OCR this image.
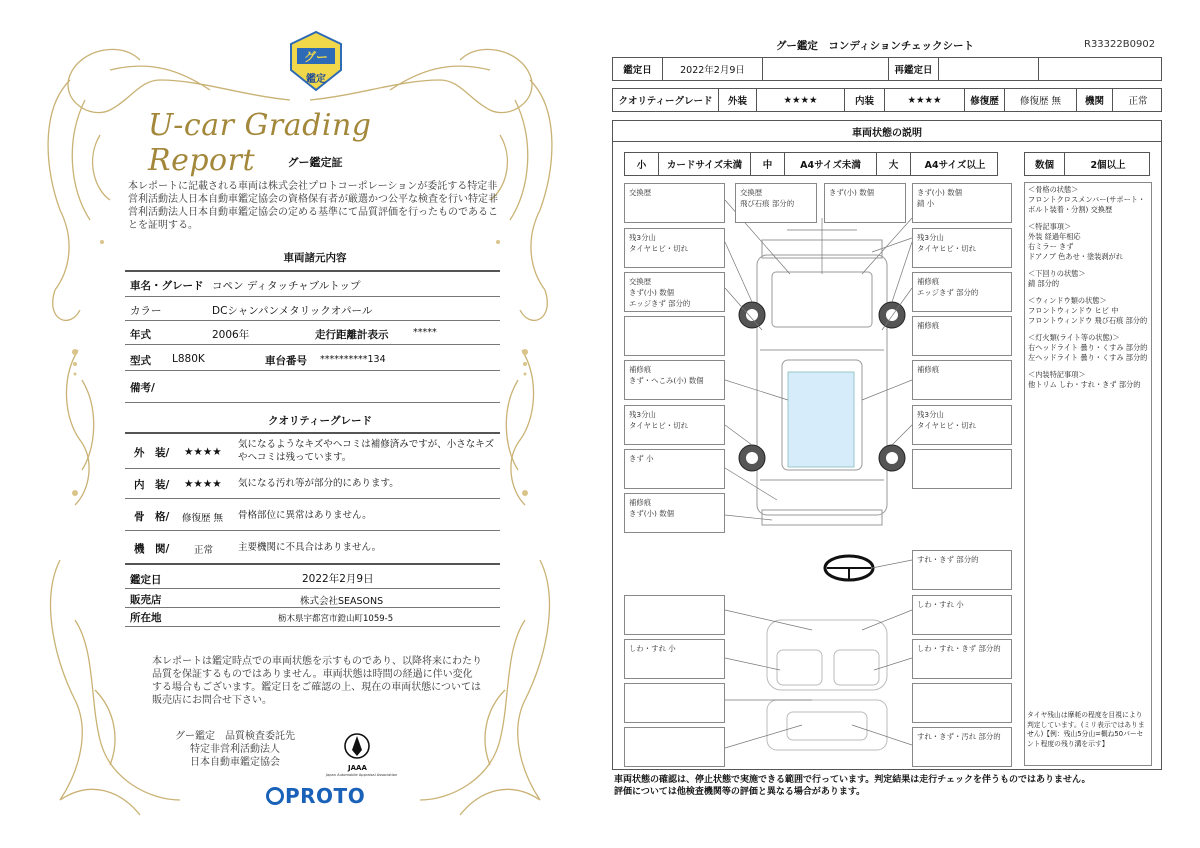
グー
鑑定
U-car Grading Report	グー鑑定証
本レポートに記載される車両は株式会社プロトコーポレーションが委託する特定非営利活動法人日本自動車鑑定協会の資格保有者が厳選かつ公平な検査を行い特定非営利活動法人日本自動車鑑定協会の定める基準にて品質評価を行ったものであることを証明する。
車両諸元内容
車名・グレード コペン ディタッチャブルトップ
カラー	DCシャンパンメタリックオパール
年式	2006年	走行距離計表示	*****
型式 L880K	車台番号 **********134
備考/
クオリティーグレード
外　装/ ★★★★
気になるようなキズやヘコミは補修済みですが、小さなキズやヘコミは残っています。
内　装/ ★★★★ 気になる汚れ等が部分的にあります。
骨　格/ 修復歴 無 骨格部位に異常はありません。
機　関/	正常	主要機関に不具合はありません。
鑑定日	2022年2月9日
販売店	株式会社SEASONS
所在地	栃木県宇都宮市鐙山町1059-5
本レポートは鑑定時点での車両状態を示すものであり、以降将来にわたり品質を保証するものではありません。車両状態は時間の経過に伴い変化する場合もございます。鑑定日をご確認の上、現在の車両状態については販売店にお問合せ下さい。
グー鑑定　品質検査委託先
特定非営利活動法人
日本自動車鑑定協会	JAAA
Japan Automobile Appraisal Association
PROTO
グー鑑定　コンディションチェックシート	R33322B0902
鑑定日	2022年2月9日	再鑑定日
クオリティーグレード	外装	★★★★	内装	★★★★	修復歴	修復歴 無	機関	正常
車両状態の説明
小	カードサイズ未満	中	A4サイズ未満	大	A4サイズ以上	数個	2個以上
交換歴	交換歴
飛び石痕 部分的
きず(小) 数個	きず(小) 数個
錆 小
残3分山
タイヤヒビ・切れ
残3分山
タイヤヒビ・切れ
交換歴
きず(小) 数個
エッジきず 部分的
補修痕
エッジきず 部分的
補修痕
補修痕
きず・へこみ(小) 数個
補修痕
残3分山
タイヤヒビ・切れ
残3分山
タイヤヒビ・切れ
きず 小
補修痕
きず(小) 数個
すれ・きず 部分的
しわ・すれ 小
しわ・すれ 小	しわ・すれ・きず 部分的
すれ・きず・汚れ 部分的
＜骨格の状態＞
フロントクロスメンバー(サポート・ボルト装着・分割) 交換歴
＜特記事項＞
外装 経過年相応
右ミラー きず
ドアノブ 色あせ・塗装剥がれ
＜下回りの状態＞
錆 部分的
＜ウィンドウ類の状態＞
フロントウィンドウ ヒビ 中
フロントウィンドウ 飛び石痕 部分的
＜灯火類(ライト等の状態)＞
右ヘッドライト 曇り・くすみ 部分的
左ヘッドライト 曇り・くすみ 部分的
＜内装特記事項＞
他トリム しわ・すれ・きず 部分的
タイヤ残山は摩耗の程度を目視により判定しています。(ミリ表示ではありません)【例：残山5分山=概ね50パーセント程度の残り溝を示す】
車両状態の確認は、停止状態で実施できる範囲で行っています。判定結果は走行チェックを伴うものではありません。
評価については他検査機関等の評価と異なる場合があります。
